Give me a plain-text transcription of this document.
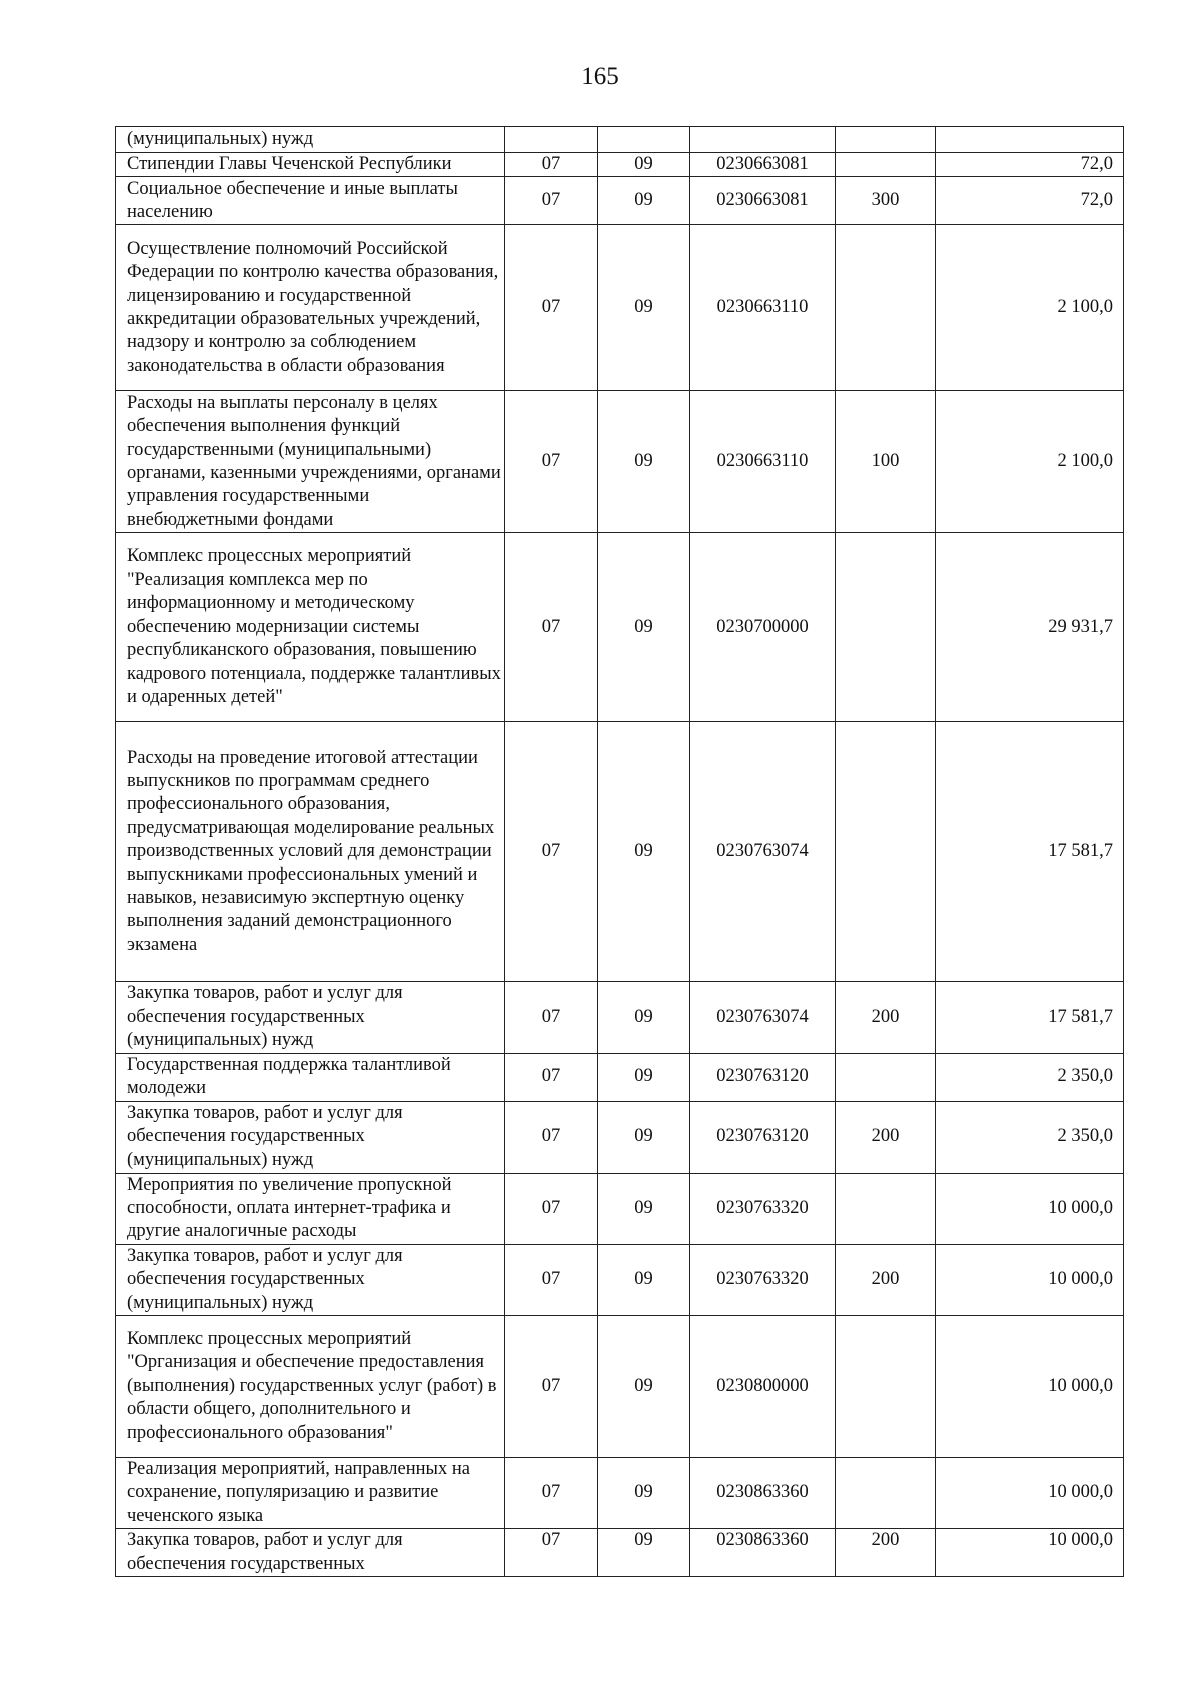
165
(муниципальных) нужд					
Стипендии Главы Чеченской Республики	07	09	0230663081		72,0
Социальное обеспечение и иные выплаты населению	07	09	0230663081	300	72,0
Осуществление полномочий Российской Федерации по контролю качества образования, лицензированию и государственной аккредитации образовательных учреждений, надзору и контролю за соблюдением законодательства в области образования	07	09	0230663110		2 100,0
Расходы на выплаты персоналу в целях обеспечения выполнения функций государственными (муниципальными) органами, казенными учреждениями, органами управления государственными внебюджетными фондами	07	09	0230663110	100	2 100,0
Комплекс процессных мероприятий "Реализация комплекса мер по информационному и методическому обеспечению модернизации системы республиканского образования, повышению кадрового потенциала, поддержке талантливых и одаренных детей"	07	09	0230700000		29 931,7
Расходы на проведение итоговой аттестации выпускников по программам среднего профессионального образования, предусматривающая моделирование реальных производственных условий для демонстрации выпускниками профессиональных умений и навыков, независимую экспертную оценку выполнения заданий демонстрационного экзамена	07	09	0230763074		17 581,7
Закупка товаров, работ и услуг для обеспечения государственных (муниципальных) нужд	07	09	0230763074	200	17 581,7
Государственная поддержка талантливой молодежи	07	09	0230763120		2 350,0
Закупка товаров, работ и услуг для обеспечения государственных (муниципальных) нужд	07	09	0230763120	200	2 350,0
Мероприятия по увеличение пропускной способности, оплата интернет-трафика и другие аналогичные расходы	07	09	0230763320		10 000,0
Закупка товаров, работ и услуг для обеспечения государственных (муниципальных) нужд	07	09	0230763320	200	10 000,0
Комплекс процессных мероприятий "Организация и обеспечение предоставления (выполнения) государственных услуг (работ) в области общего, дополнительного и профессионального образования"	07	09	0230800000		10 000,0
Реализация мероприятий, направленных на сохранение, популяризацию и развитие чеченского языка	07	09	0230863360		10 000,0
Закупка товаров, работ и услуг для обеспечения государственных	07	09	0230863360	200	10 000,0
